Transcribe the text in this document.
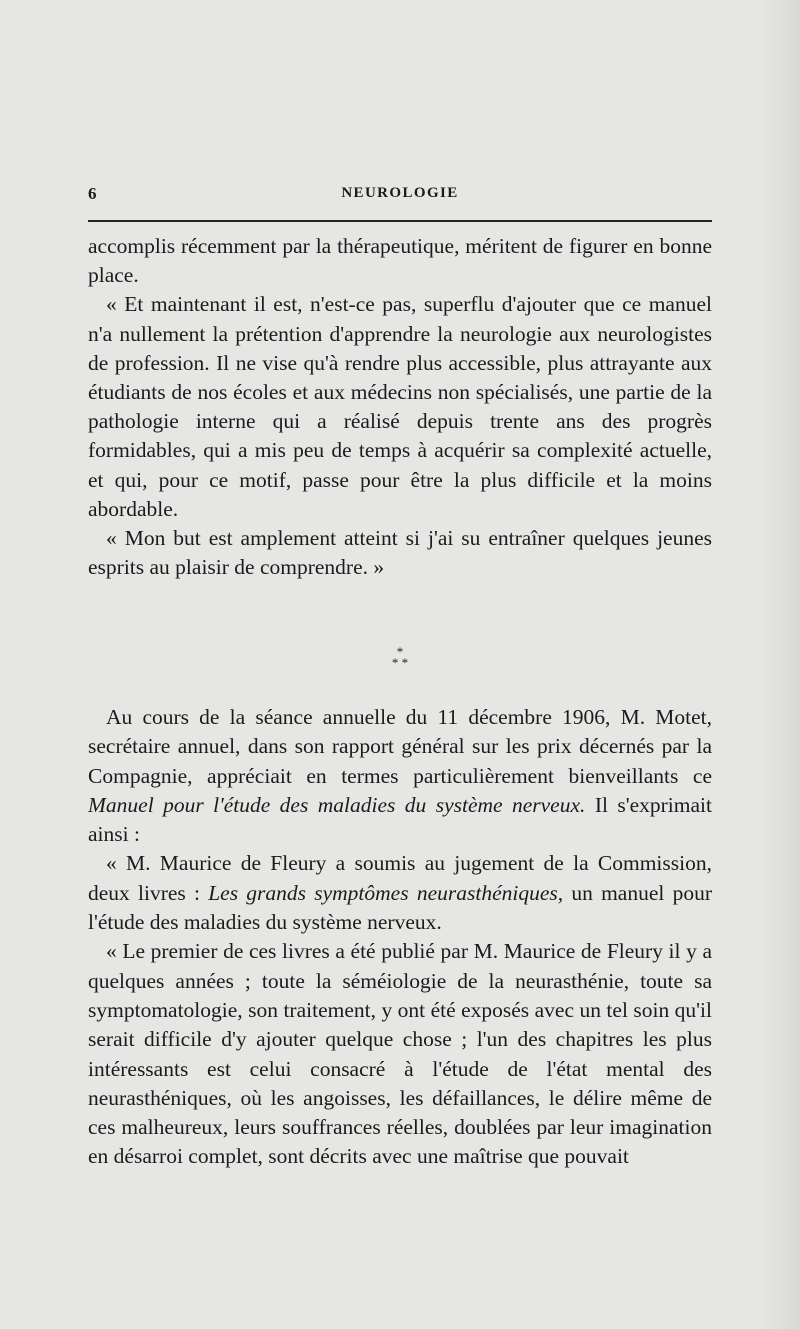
6	NEUROLOGIE

accomplis récemment par la thérapeutique, méritent de figurer en bonne place.

« Et maintenant il est, n'est-ce pas, superflu d'ajouter que ce manuel n'a nullement la prétention d'apprendre la neurologie aux neurologistes de profession. Il ne vise qu'à rendre plus accessible, plus attrayante aux étudiants de nos écoles et aux médecins non spécialisés, une partie de la pathologie interne qui a réalisé depuis trente ans des progrès formidables, qui a mis peu de temps à acquérir sa complexité actuelle, et qui, pour ce motif, passe pour être la plus difficile et la moins abordable.

« Mon but est amplement atteint si j'ai su entraîner quelques jeunes esprits au plaisir de comprendre. »

*
* *

Au cours de la séance annuelle du 11 décembre 1906, M. Motet, secrétaire annuel, dans son rapport général sur les prix décernés par la Compagnie, appréciait en termes particulièrement bienveillants ce Manuel pour l'étude des maladies du système nerveux. Il s'exprimait ainsi :

« M. Maurice de Fleury a soumis au jugement de la Commission, deux livres : Les grands symptômes neurasthéniques, un manuel pour l'étude des maladies du système nerveux.

« Le premier de ces livres a été publié par M. Maurice de Fleury il y a quelques années ; toute la séméiologie de la neurasthénie, toute sa symptomatologie, son traitement, y ont été exposés avec un tel soin qu'il serait difficile d'y ajouter quelque chose ; l'un des chapitres les plus intéressants est celui consacré à l'étude de l'état mental des neurasthéniques, où les angoisses, les défaillances, le délire même de ces malheureux, leurs souffrances réelles, doublées par leur imagination en désarroi complet, sont décrits avec une maîtrise que pouvait
